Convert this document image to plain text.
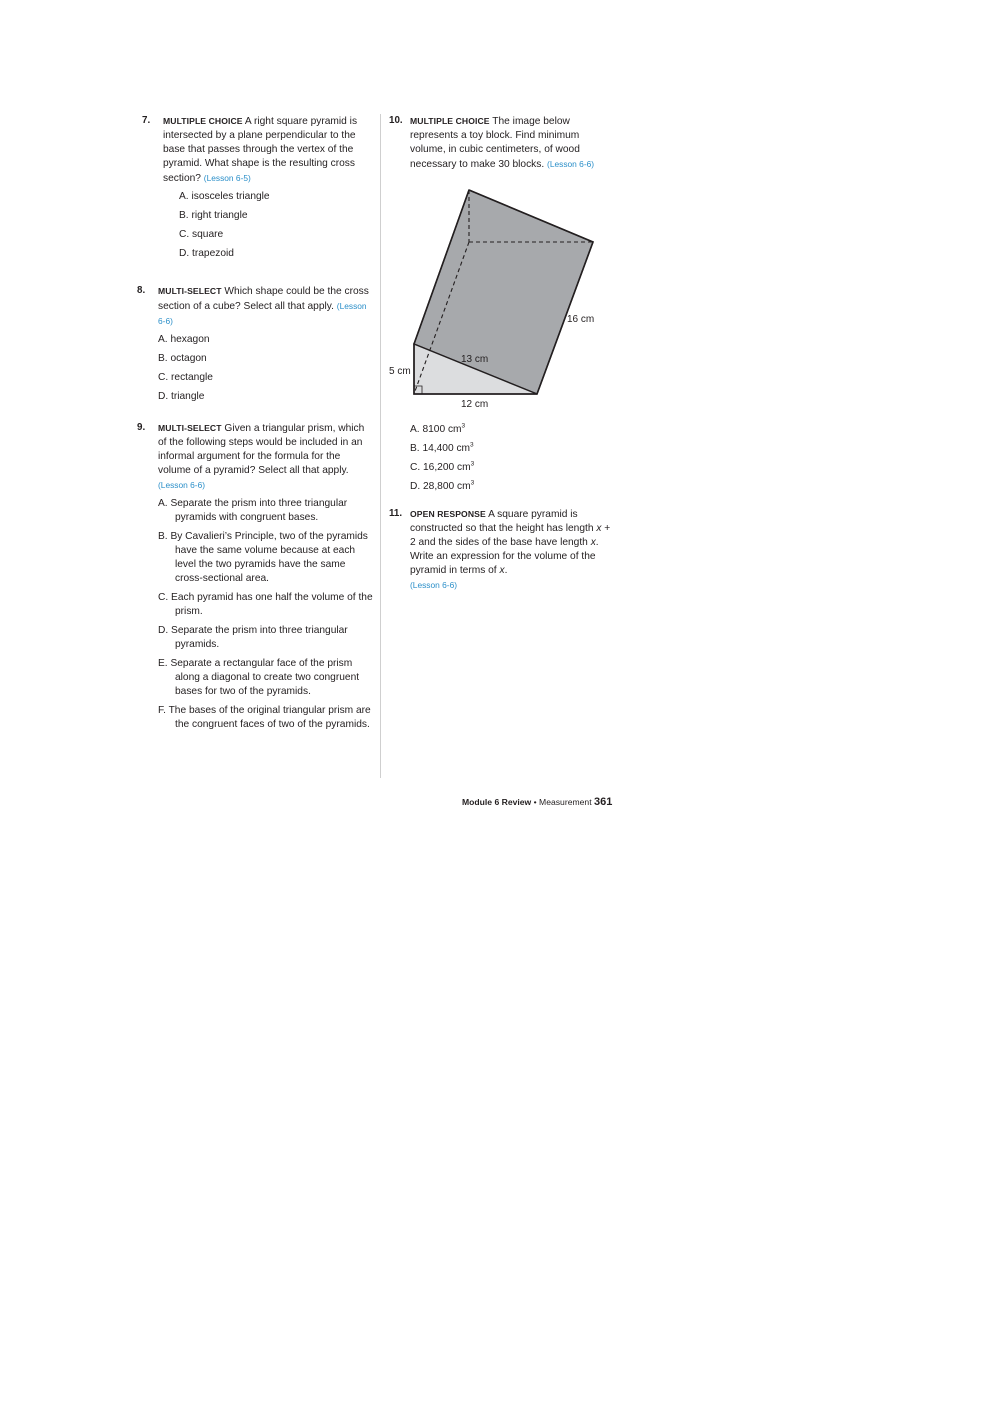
7. MULTIPLE CHOICE A right square pyramid is intersected by a plane perpendicular to the base that passes through the vertex of the pyramid. What shape is the resulting cross section? (Lesson 6-5)
A. isosceles triangle
B. right triangle
C. square
D. trapezoid
8. MULTI-SELECT Which shape could be the cross section of a cube? Select all that apply. (Lesson 6-6)
A. hexagon
B. octagon
C. rectangle
D. triangle
9. MULTI-SELECT Given a triangular prism, which of the following steps would be included in an informal argument for the formula for the volume of a pyramid? Select all that apply. (Lesson 6-6)
A. Separate the prism into three triangular pyramids with congruent bases.
B. By Cavalieri’s Principle, two of the pyramids have the same volume because at each level the two pyramids have the same cross-sectional area.
C. Each pyramid has one half the volume of the prism.
D. Separate the prism into three triangular pyramids.
E. Separate a rectangular face of the prism along a diagonal to create two congruent bases for two of the pyramids.
F. The bases of the original triangular prism are the congruent faces of two of the pyramids.
10. MULTIPLE CHOICE The image below represents a toy block. Find minimum volume, in cubic centimeters, of wood necessary to make 30 blocks. (Lesson 6-6)
16 cm
5 cm
13 cm
12 cm
A. 8100 $cm^3$
B. 14,400 $cm^3$
C. 16,200 $cm^3$
D. 28,800 $cm^3$
11. OPEN RESPONSE A square pyramid is constructed so that the height has length x + 2 and the sides of the base have length x. Write an expression for the volume of the pyramid in terms of x.
(Lesson 6-6)
Module 6 Review • Measurement 361
